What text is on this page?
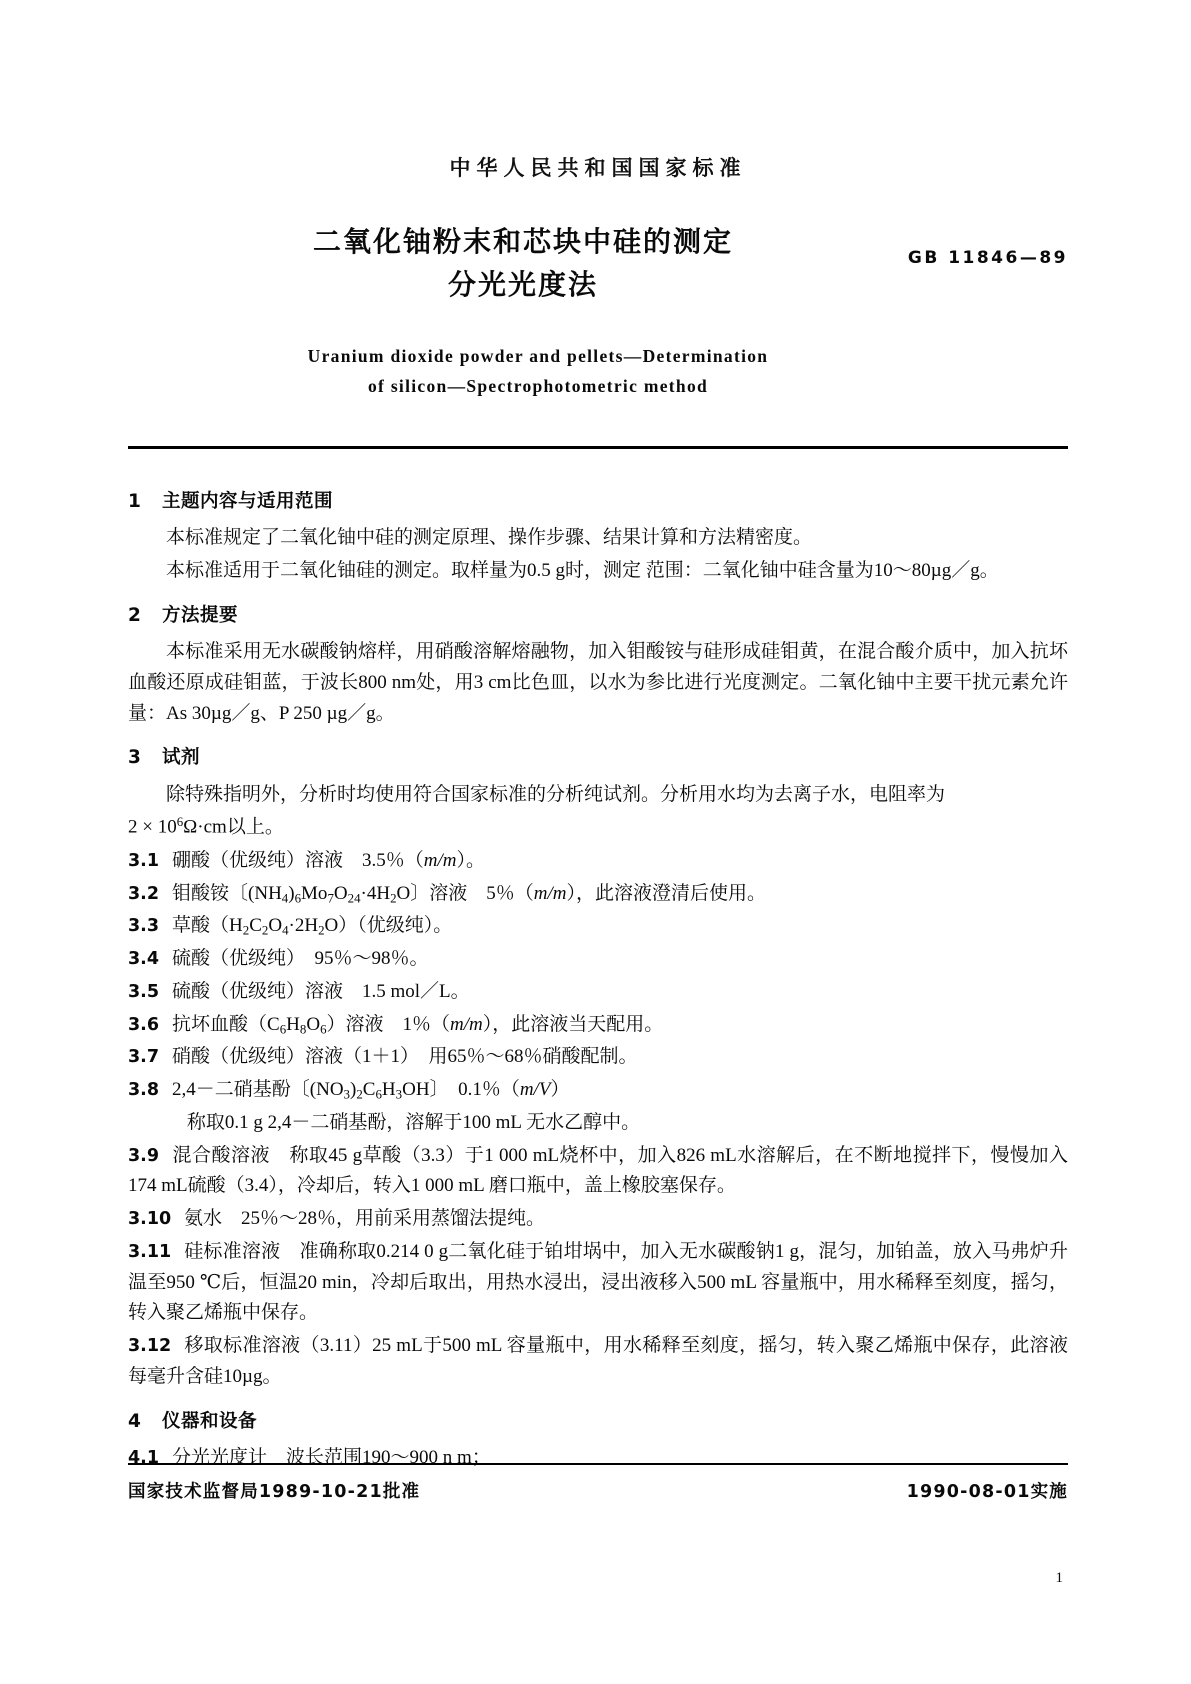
中华人民共和国国家标准
二氧化铀粉末和芯块中硅的测定
分光光度法
GB 11846—89
Uranium dioxide powder and pellets—Determination
of silicon—Spectrophotometric method
1 主题内容与适用范围
本标准规定了二氧化铀中硅的测定原理、操作步骤、结果计算和方法精密度。
本标准适用于二氧化铀硅的测定。取样量为0.5 g时，测定 范围：二氧化铀中硅含量为10～80µg／g。
2 方法提要
本标准采用无水碳酸钠熔样，用硝酸溶解熔融物，加入钼酸铵与硅形成硅钼黄，在混合酸介质中，加入抗坏血酸还原成硅钼蓝，于波长800 nm处，用3 cm比色皿，以水为参比进行光度测定。二氧化铀中主要干扰元素允许量：As 30µg／g、P 250 µg／g。
3 试剂
除特殊指明外，分析时均使用符合国家标准的分析纯试剂。分析用水均为去离子水，电阻率为
$2 \times 10^6\Omega\cdot cm$以上。
3.1 硼酸（优级纯）溶液　3.5％（m/m）。
3.2 钼酸铵〔$(NH_4)_6Mo_7O_{24}\cdot 4H_2O$〕溶液　5％（m/m），此溶液澄清后使用。
3.3 草酸$(H_2C_2O_4\cdot 2H_2O)$（优级纯）。
3.4 硫酸（优级纯）　95％～98％。
3.5 硫酸（优级纯）溶液　1.5 mol／L。
3.6 抗坏血酸$(C_6H_8O_6)$溶液　1％（m/m），此溶液当天配用。
3.7 硝酸（优级纯）溶液（1＋1）　用65％～68％硝酸配制。
3.8 2,4－二硝基酚〔$(NO_3)_2C_6H_3OH$〕　0.1％（m/V）
称取0.1 g 2,4－二硝基酚，溶解于100 mL 无水乙醇中。
3.9 混合酸溶液　称取45 g草酸（3.3）于1 000 mL烧杯中，加入826 mL水溶解后，在不断地搅拌下，慢慢加入174 mL硫酸（3.4），冷却后，转入1 000 mL 磨口瓶中，盖上橡胶塞保存。
3.10 氨水　25％～28％，用前采用蒸馏法提纯。
3.11 硅标准溶液　准确称取0.214 0 g二氧化硅于铂坩埚中，加入无水碳酸钠1 g，混匀，加铂盖，放入马弗炉升温至950 ℃后，恒温20 min，冷却后取出，用热水浸出，浸出液移入500 mL 容量瓶中，用水稀释至刻度，摇匀，转入聚乙烯瓶中保存。
3.12 移取标准溶液（3.11）25 mL于500 mL 容量瓶中，用水稀释至刻度，摇匀，转入聚乙烯瓶中保存，此溶液每毫升含硅10µg。
4 仪器和设备
4.1 分光光度计　波长范围190～900 n m；
国家技术监督局1989-10-21批准	1990-08-01实施
1
